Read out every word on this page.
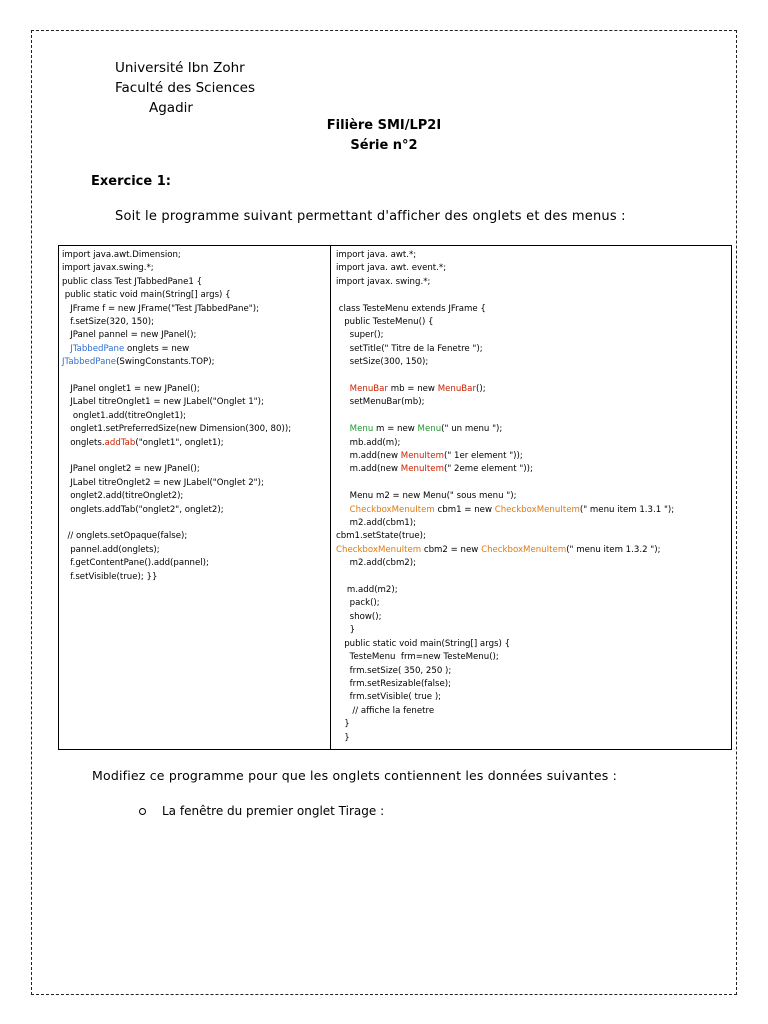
Université Ibn Zohr
Faculté des Sciences
Agadir
Filière SMI/LP2I
Série n°2
Exercice 1:
Soit le programme suivant permettant d'afficher des onglets et des menus :
import java.awt.Dimension;
import javax.swing.*;
public class Test JTabbedPane1 {
public static void main(String[] args) {
JFrame f = new JFrame("Test JTabbedPane");
f.setSize(320, 150);
JPanel pannel = new JPanel();
JTabbedPane onglets = new
JTabbedPane(SwingConstants.TOP);
JPanel onglet1 = new JPanel();
JLabel titreOnglet1 = new JLabel("Onglet 1");
onglet1.add(titreOnglet1);
onglet1.setPreferredSize(new Dimension(300, 80));
onglets.addTab("onglet1", onglet1);
JPanel onglet2 = new JPanel();
JLabel titreOnglet2 = new JLabel("Onglet 2");
onglet2.add(titreOnglet2);
onglets.addTab("onglet2", onglet2);
// onglets.setOpaque(false);
pannel.add(onglets);
f.getContentPane().add(pannel);
f.setVisible(true); }}
import java. awt.*;
import java. awt. event.*;
import javax. swing.*;
class TesteMenu extends JFrame {
public TesteMenu() {
super();
setTitle(" Titre de la Fenetre ");
setSize(300, 150);
MenuBar mb = new MenuBar();
setMenuBar(mb);
Menu m = new Menu(" un menu ");
mb.add(m);
m.add(new MenuItem(" 1er element "));
m.add(new MenuItem(" 2eme element "));
Menu m2 = new Menu(" sous menu ");
CheckboxMenuItem cbm1 = new CheckboxMenuItem(" menu item 1.3.1 ");
m2.add(cbm1);
cbm1.setState(true);
CheckboxMenuItem cbm2 = new CheckboxMenuItem(" menu item 1.3.2 ");
m2.add(cbm2);
m.add(m2);
pack();
show();
}
public static void main(String[] args) {
TesteMenu  frm=new TesteMenu();
frm.setSize( 350, 250 );
frm.setResizable(false);
frm.setVisible( true );
// affiche la fenetre
}
}
Modifiez ce programme pour que les onglets contiennent les données suivantes :
La fenêtre du premier onglet Tirage :
